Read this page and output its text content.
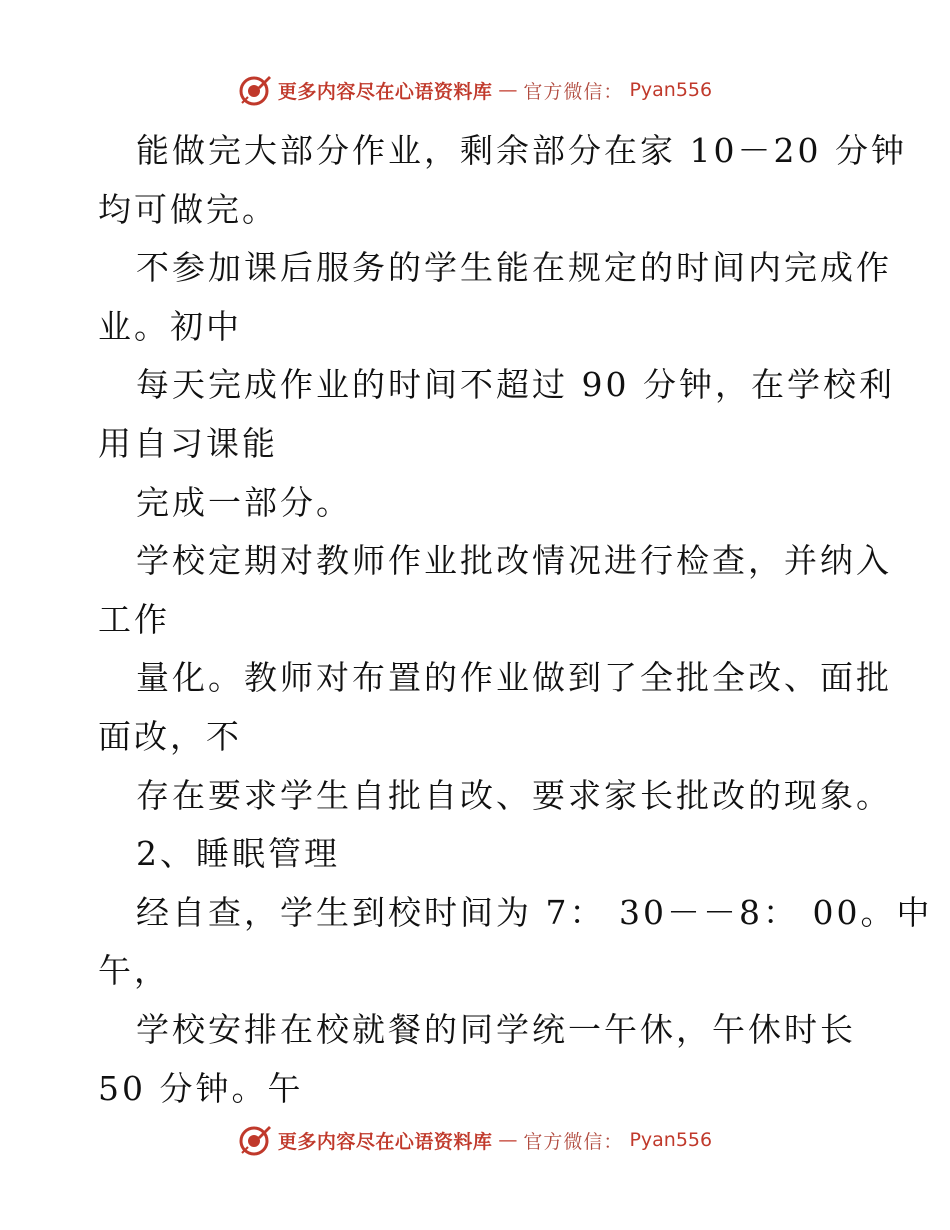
更多内容尽在心语资料库 — 官方微信： Pyan556
能做完大部分作业，剩余部分在家 10－20 分钟
均可做完。
不参加课后服务的学生能在规定的时间内完成作
业。初中
每天完成作业的时间不超过 90 分钟，在学校利
用自习课能
完成一部分。
学校定期对教师作业批改情况进行检查，并纳入
工作
量化。教师对布置的作业做到了全批全改、面批
面改，不
存在要求学生自批自改、要求家长批改的现象。
2、睡眠管理
经自查，学生到校时间为 7： 30－－8： 00。中
午，
学校安排在校就餐的同学统一午休，午休时长
50 分钟。午
更多内容尽在心语资料库 — 官方微信： Pyan556
